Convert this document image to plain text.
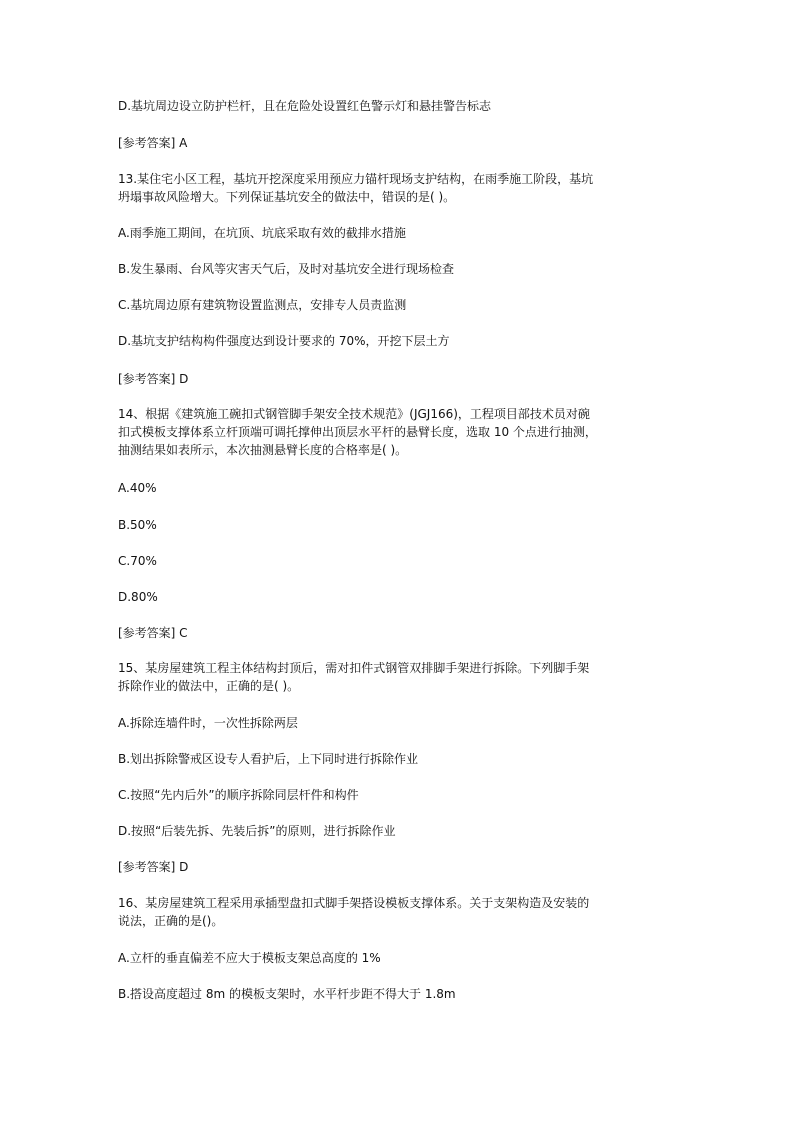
D.基坑周边设立防护栏杆，且在危险处设置红色警示灯和悬挂警告标志
[参考答案] A
13.某住宅小区工程，基坑开挖深度采用预应力锚杆现场支护结构，在雨季施工阶段，基坑
坍塌事故风险增大。下列保证基坑安全的做法中，错误的是( )。
A.雨季施工期间，在坑顶、坑底采取有效的截排水措施
B.发生暴雨、台风等灾害天气后，及时对基坑安全进行现场检查
C.基坑周边原有建筑物设置监测点，安排专人员责监测
D.基坑支护结构构件强度达到设计要求的 70%，开挖下层土方
[参考答案] D
14、根据《建筑施工碗扣式钢管脚手架安全技术规范》(JGJ166)，工程项目部技术员对碗
扣式模板支撑体系立杆顶端可调托撑伸出顶层水平杆的悬臂长度，选取 10 个点进行抽测，
抽测结果如表所示，本次抽测悬臂长度的合格率是( )。
A.40%
B.50%
C.70%
D.80%
[参考答案] C
15、某房屋建筑工程主体结构封顶后，需对扣件式钢管双排脚手架进行拆除。下列脚手架
拆除作业的做法中，正确的是( )。
A.拆除连墙件时，一次性拆除两层
B.划出拆除警戒区设专人看护后，上下同时进行拆除作业
C.按照“先内后外”的顺序拆除同层杆件和构件
D.按照“后装先拆、先装后拆”的原则，进行拆除作业
[参考答案] D
16、某房屋建筑工程采用承插型盘扣式脚手架搭设模板支撑体系。关于支架构造及安装的
说法，正确的是()。
A.立杆的垂直偏差不应大于模板支架总高度的 1%
B.搭设高度超过 8m 的模板支架时，水平杆步距不得大于 1.8m
